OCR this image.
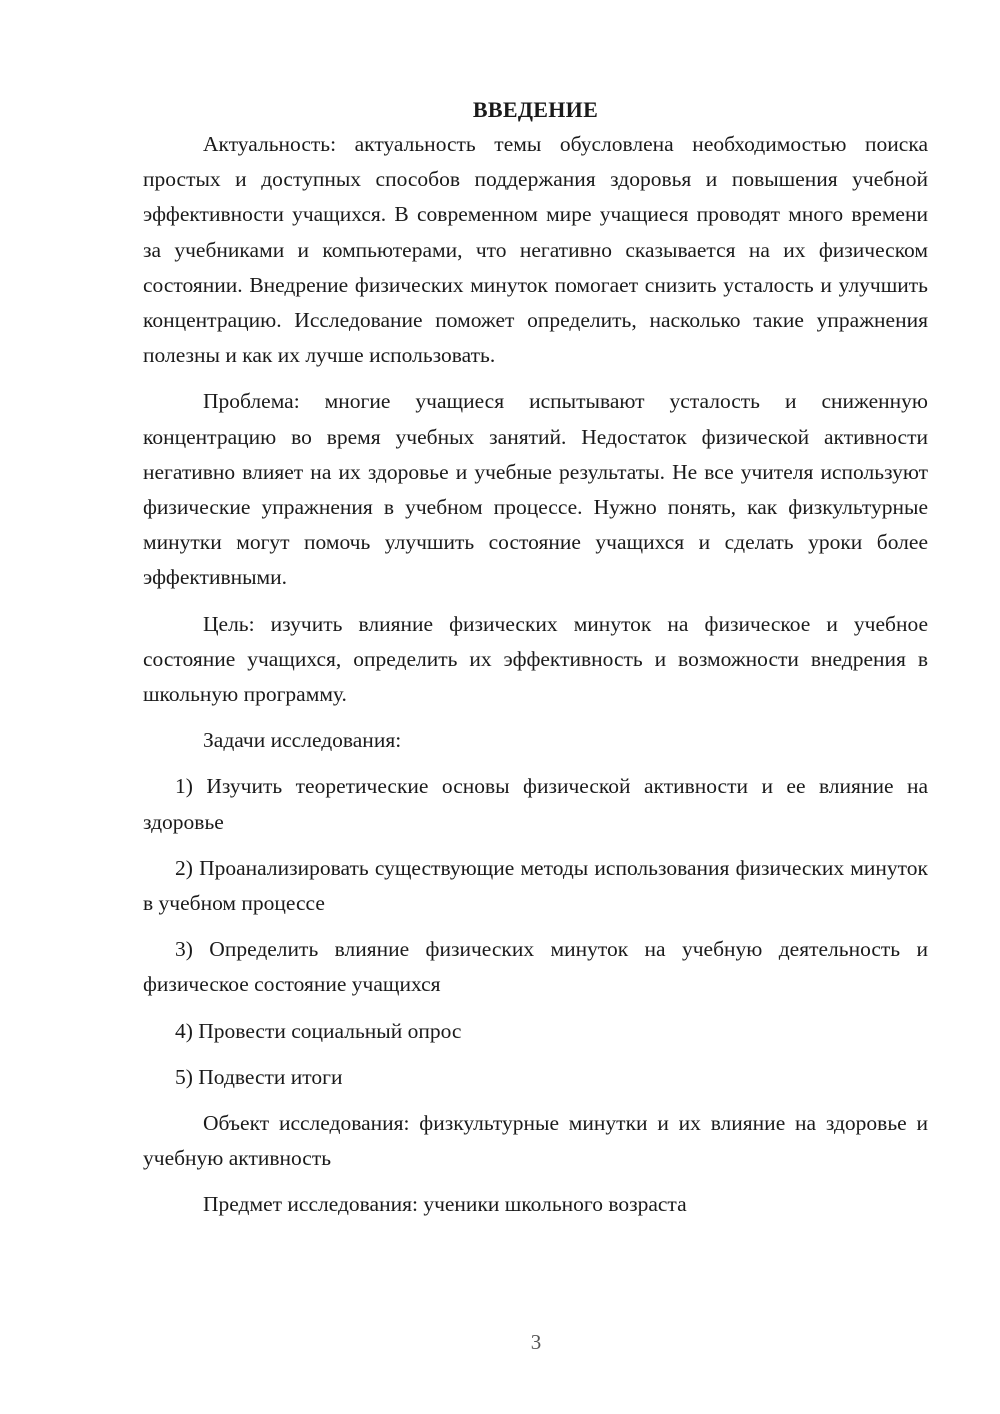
ВВЕДЕНИЕ

Актуальность: актуальность темы обусловлена необходимостью поиска простых и доступных способов поддержания здоровья и повышения учебной эффективности учащихся. В современном мире учащиеся проводят много времени за учебниками и компьютерами, что негативно сказывается на их физическом состоянии. Внедрение физических минуток помогает снизить усталость и улучшить концентрацию. Исследование поможет определить, насколько такие упражнения полезны и как их лучше использовать.

Проблема: многие учащиеся испытывают усталость и сниженную концентрацию во время учебных занятий. Недостаток физической активности негативно влияет на их здоровье и учебные результаты. Не все учителя используют физические упражнения в учебном процессе. Нужно понять, как физкультурные минутки могут помочь улучшить состояние учащихся и сделать уроки более эффективными.

Цель: изучить влияние физических минуток на физическое и учебное состояние учащихся, определить их эффективность и возможности внедрения в школьную программу.

Задачи исследования:

1) Изучить теоретические основы физической активности и ее влияние на здоровье

2) Проанализировать существующие методы использования физических минуток в учебном процессе

3) Определить влияние физических минуток на учебную деятельность и физическое состояние учащихся

4) Провести социальный опрос

5) Подвести итоги

Объект исследования: физкультурные минутки и их влияние на здоровье и учебную активность

Предмет исследования: ученики школьного возраста

3
